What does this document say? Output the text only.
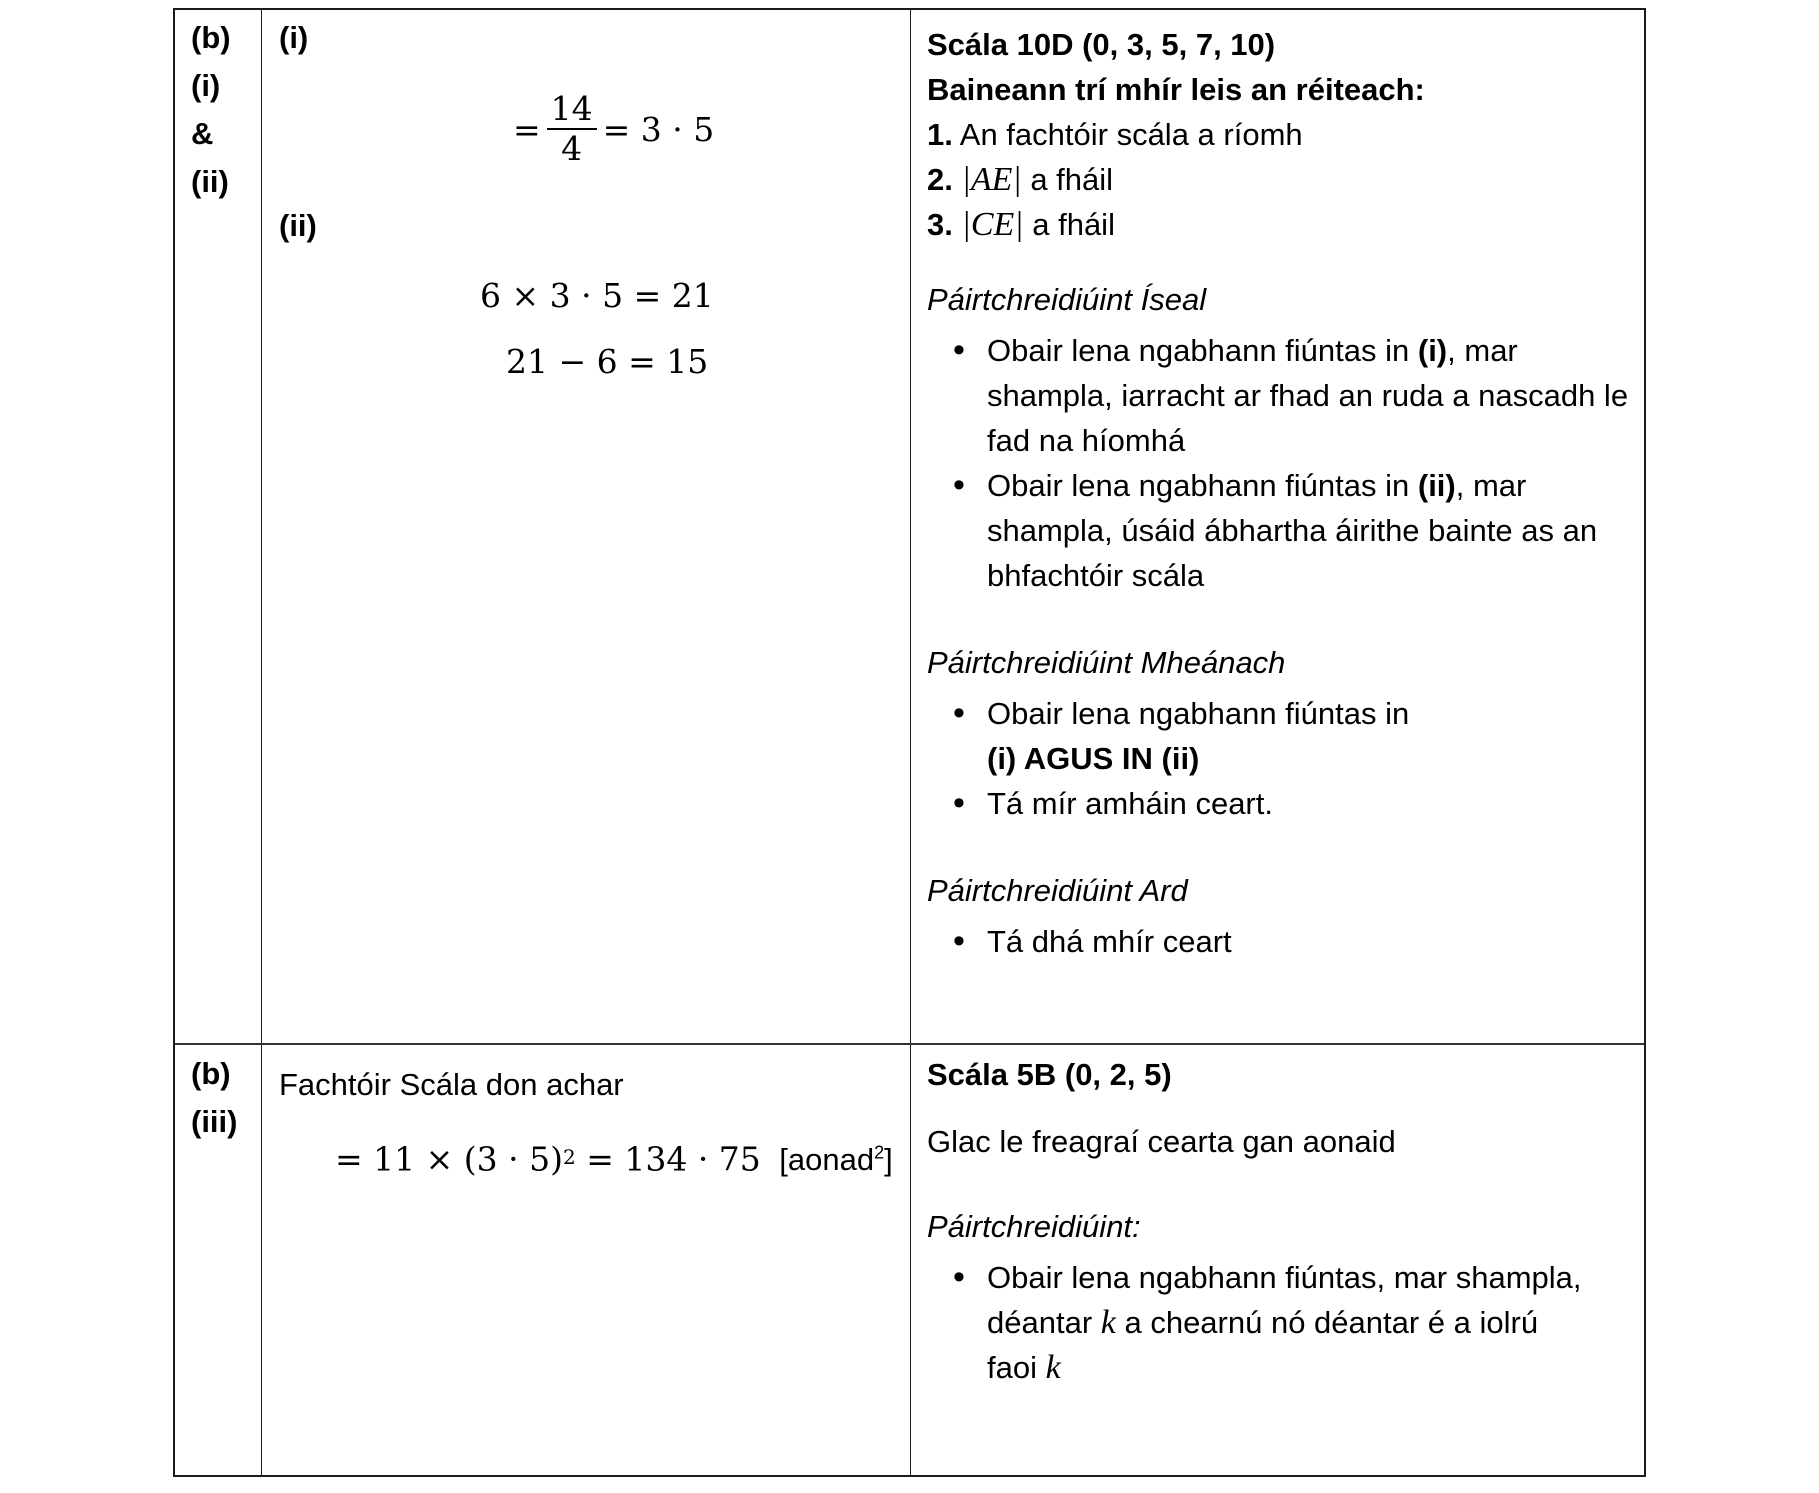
(b)
(i)
&
(ii)
(i)
= $\frac{14}{4} = 3 \cdot 5$
(ii)
6 × 3 · 5 = 21
21 − 6 = 15
Scála 10D (0, 3, 5, 7, 10)
Baineann trí mhír leis an réiteach:
1. An fachtóir scála a ríomh
2. |AE| a fháil
3. |CE| a fháil
Páirtchreidiúint Íseal
• Obair lena ngabhann fiúntas in (i), mar shampla, iarracht ar fhad an ruda a nascadh le fad na híomhá
• Obair lena ngabhann fiúntas in (ii), mar shampla, úsáid ábhartha áirithe bainte as an bhfachtóir scála
Páirtchreidiúint Mheánach
• Obair lena ngabhann fiúntas in
(i) AGUS IN (ii)
• Tá mír amháin ceart.
Páirtchreidiúint Ard
• Tá dhá mhír ceart
(b)
(iii)
Fachtóir Scála don achar
= $11 \times (3 \cdot 5)^2 = 134 \cdot 75$ [aonad$^2$]
Scála 5B (0, 2, 5)
Glac le freagraí cearta gan aonaid
Páirtchreidiúint:
• Obair lena ngabhann fiúntas, mar shampla,
déantar k a chearnú nó déantar é a iolrú
faoi k
